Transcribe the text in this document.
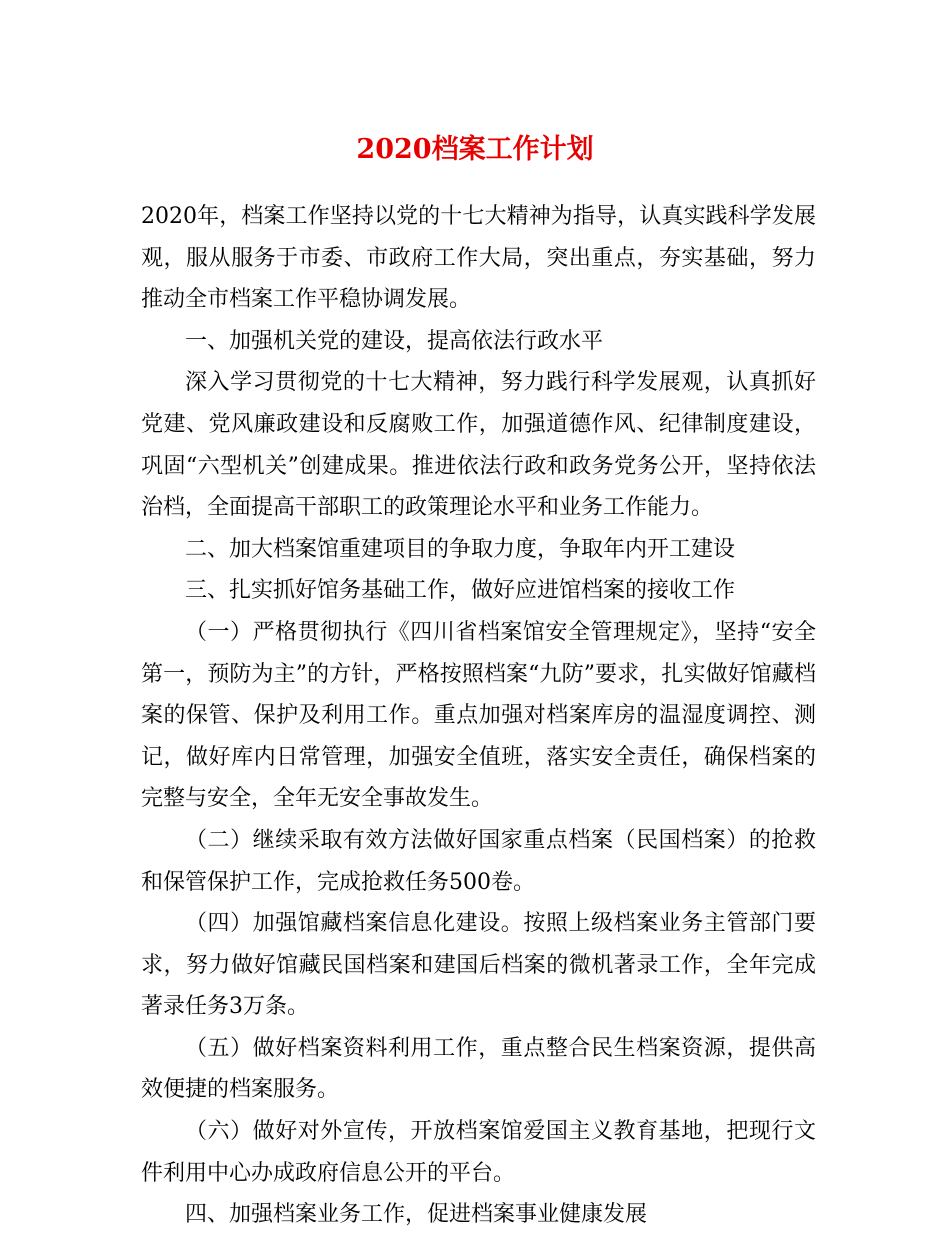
2020档案工作计划

2020年，档案工作坚持以党的十七大精神为指导，认真实践科学发展观，服从服务于市委、市政府工作大局，突出重点，夯实基础，努力推动全市档案工作平稳协调发展。

一、加强机关党的建设，提高依法行政水平

深入学习贯彻党的十七大精神，努力践行科学发展观，认真抓好党建、党风廉政建设和反腐败工作，加强道德作风、纪律制度建设，巩固“六型机关”创建成果。推进依法行政和政务党务公开，坚持依法治档，全面提高干部职工的政策理论水平和业务工作能力。

二、加大档案馆重建项目的争取力度，争取年内开工建设

三、扎实抓好馆务基础工作，做好应进馆档案的接收工作

（一）严格贯彻执行《四川省档案馆安全管理规定》，坚持“安全第一，预防为主”的方针，严格按照档案“九防”要求，扎实做好馆藏档案的保管、保护及利用工作。重点加强对档案库房的温湿度调控、测记，做好库内日常管理，加强安全值班，落实安全责任，确保档案的完整与安全，全年无安全事故发生。

（二）继续采取有效方法做好国家重点档案（民国档案）的抢救和保管保护工作，完成抢救任务500卷。

（四）加强馆藏档案信息化建设。按照上级档案业务主管部门要求，努力做好馆藏民国档案和建国后档案的微机著录工作，全年完成著录任务3万条。

（五）做好档案资料利用工作，重点整合民生档案资源，提供高效便捷的档案服务。

（六）做好对外宣传，开放档案馆爱国主义教育基地，把现行文件利用中心办成政府信息公开的平台。

四、加强档案业务工作，促进档案事业健康发展
